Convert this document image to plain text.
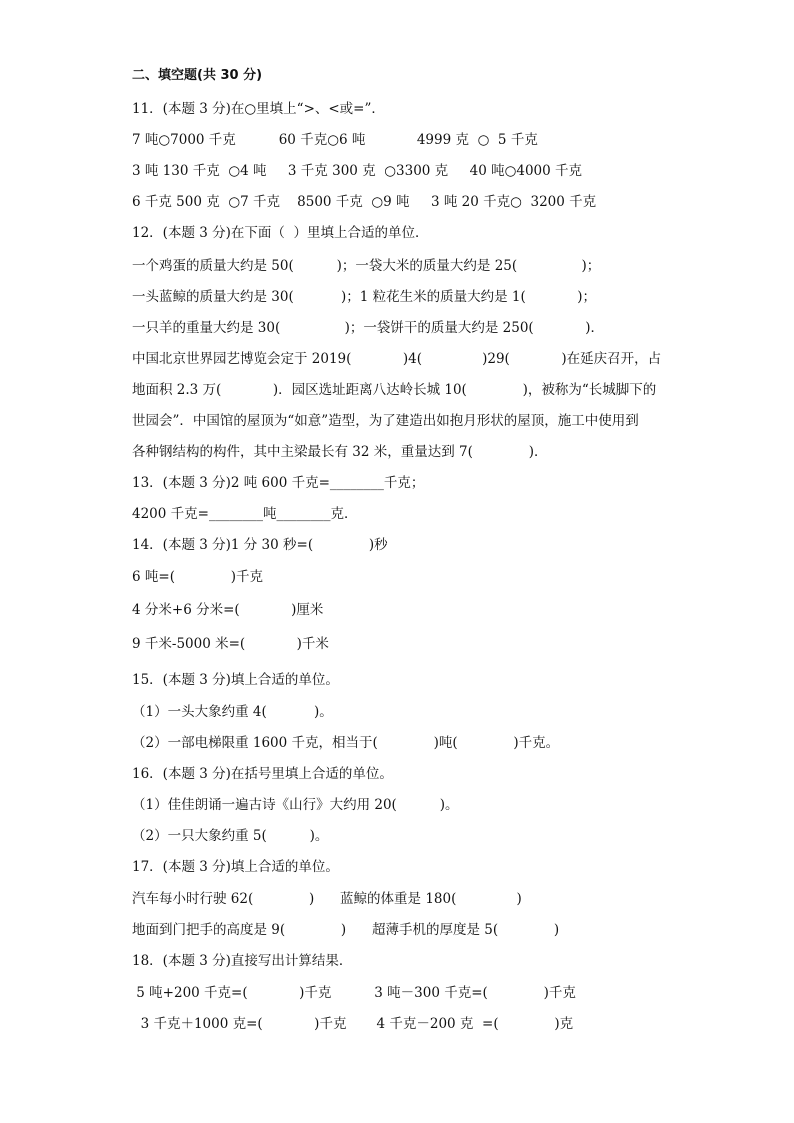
二、填空题(共 30 分)
11．(本题 3 分)在○里填上“>、<或=”．
7 吨○7000 千克          60 千克○6 吨            4999 克  ○  5 千克
3 吨 130 千克  ○4 吨     3 千克 300 克  ○3300 克     40 吨○4000 千克
6 千克 500 克  ○7 千克    8500 千克  ○9 吨     3 吨 20 千克○  3200 千克
12．(本题 3 分)在下面（  ）里填上合适的单位．
一个鸡蛋的质量大约是 50(          )；一袋大米的质量大约是 25(               )；
一头蓝鲸的质量大约是 30(           )；1 粒花生米的质量大约是 1(            )；
一只羊的重量大约是 30(               )；一袋饼干的质量大约是 250(            )．
中国北京世界园艺博览会定于 2019(            )4(              )29(            )在延庆召开，占
地面积 2.3 万(            )．园区选址距离八达岭长城 10(             )，被称为“长城脚下的
世园会”．中国馆的屋顶为“如意”造型，为了建造出如抱月形状的屋顶，施工中使用到
各种钢结构的构件，其中主梁最长有 32 米，重量达到 7(             )．
13．(本题 3 分)2 吨 600 千克=________千克；
4200 千克=________吨________克．
14．(本题 3 分)1 分 30 秒=(             )秒
6 吨=(             )千克
4 分米+6 分米=(            )厘米
9 千米-5000 米=(            )千米
15．(本题 3 分)填上合适的单位。
（1）一头大象约重 4(           )。
（2）一部电梯限重 1600 千克，相当于(             )吨(             )千克。
16．(本题 3 分)在括号里填上合适的单位。
（1）佳佳朗诵一遍古诗《山行》大约用 20(          )。
（2）一只大象约重 5(          )。
17．(本题 3 分)填上合适的单位。
汽车每小时行驶 62(             )      蓝鲸的体重是 180(              )
地面到门把手的高度是 9(             )      超薄手机的厚度是 5(             )
18．(本题 3 分)直接写出计算结果．
5 吨+200 千克=(            )千克          3 吨－300 千克=(             )千克
3 千克＋1000 克=(            )千克       4 千克－200 克  =(             )克
